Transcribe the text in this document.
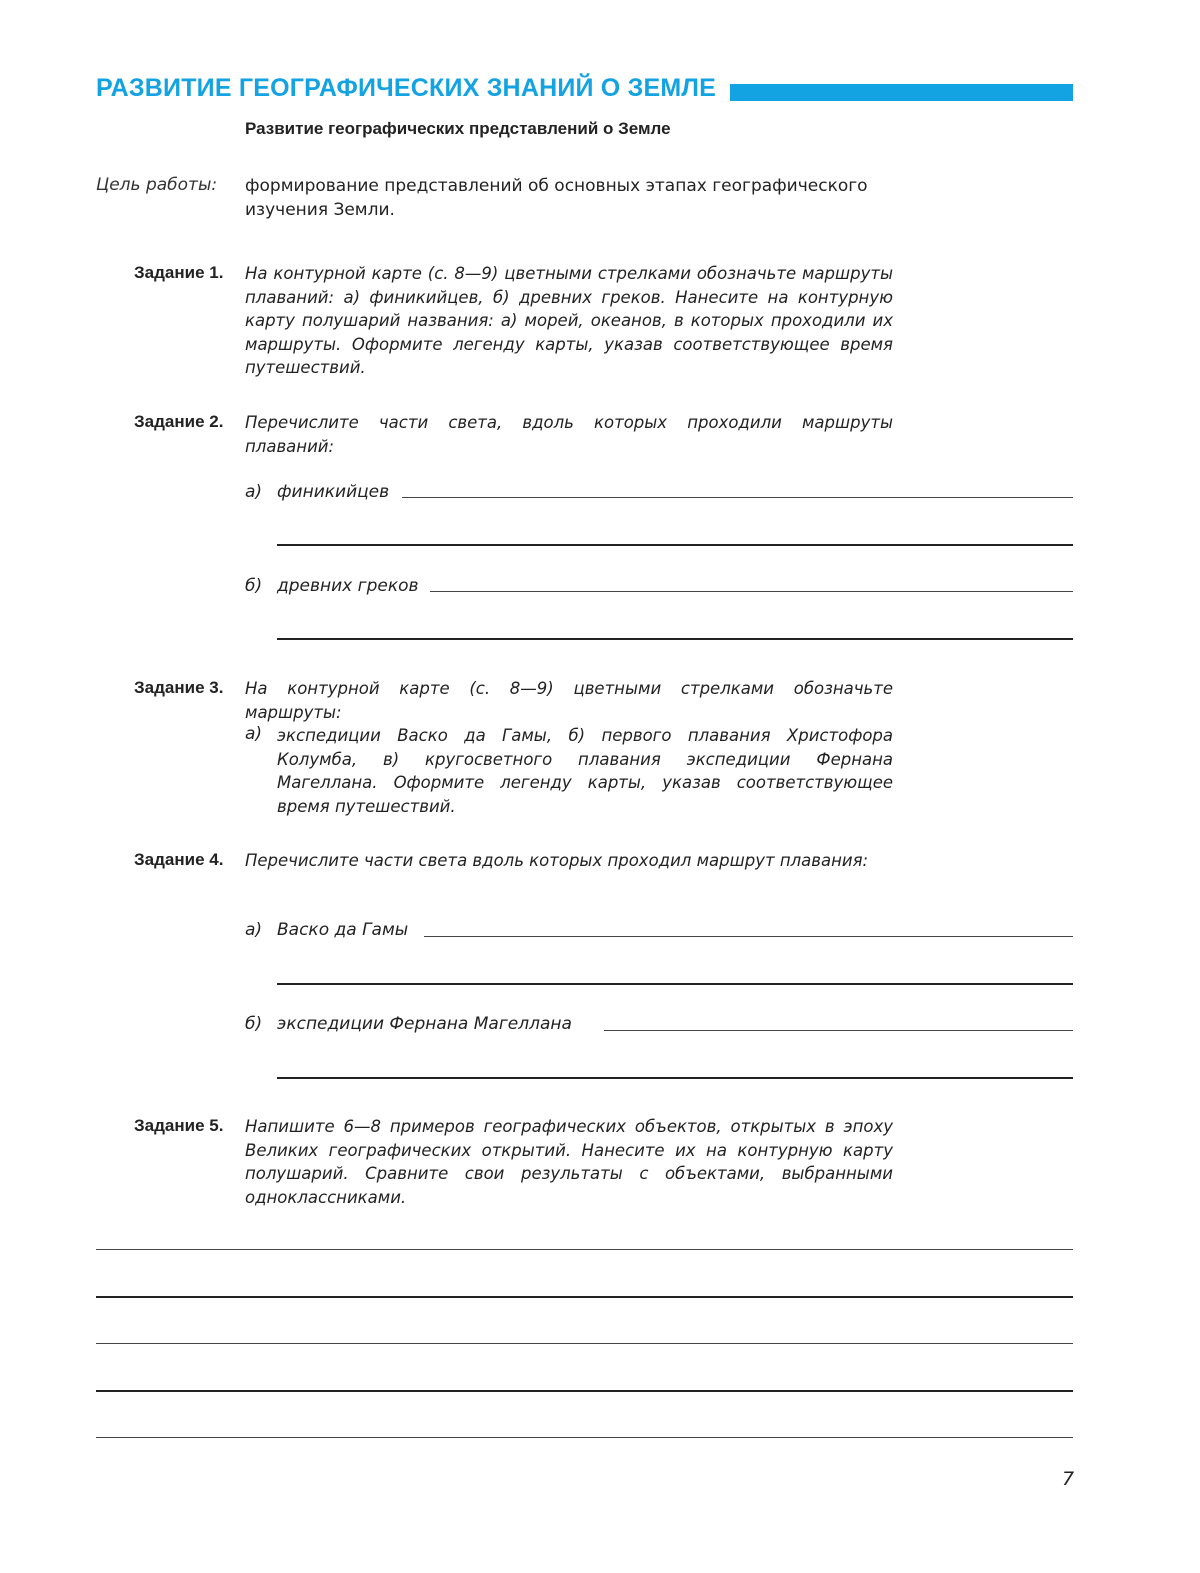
РАЗВИТИЕ ГЕОГРАФИЧЕСКИХ ЗНАНИЙ О ЗЕМЛЕ
Развитие географических представлений о Земле
Цель работы: формирование представлений об основных этапах географического изучения Земли.
Задание 1. На контурной карте (с. 8—9) цветными стрелками обозначьте маршруты плаваний: а) финикийцев, б) древних греков. Нанесите на контурную карту полушарий названия: а) морей, океанов, в которых проходили их маршруты. Оформите легенду карты, указав соответствующее время путешествий.
Задание 2. Перечислите части света, вдоль которых проходили маршруты плаваний:
а) финикийцев
б) древних греков
Задание 3. На контурной карте (с. 8—9) цветными стрелками обозначьте маршруты:
а) экспедиции Васко да Гамы, б) первого плавания Христофора Колумба, в) кругосветного плавания экспедиции Фернана Магеллана. Оформите легенду карты, указав соответствующее время путешествий.
Задание 4. Перечислите части света вдоль которых проходил маршрут плавания:
а) Васко да Гамы
б) экспедиции Фернана Магеллана
Задание 5. Напишите 6—8 примеров географических объектов, открытых в эпоху Великих географических открытий. Нанесите их на контурную карту полушарий. Сравните свои результаты с объектами, выбранными одноклассниками.
7
